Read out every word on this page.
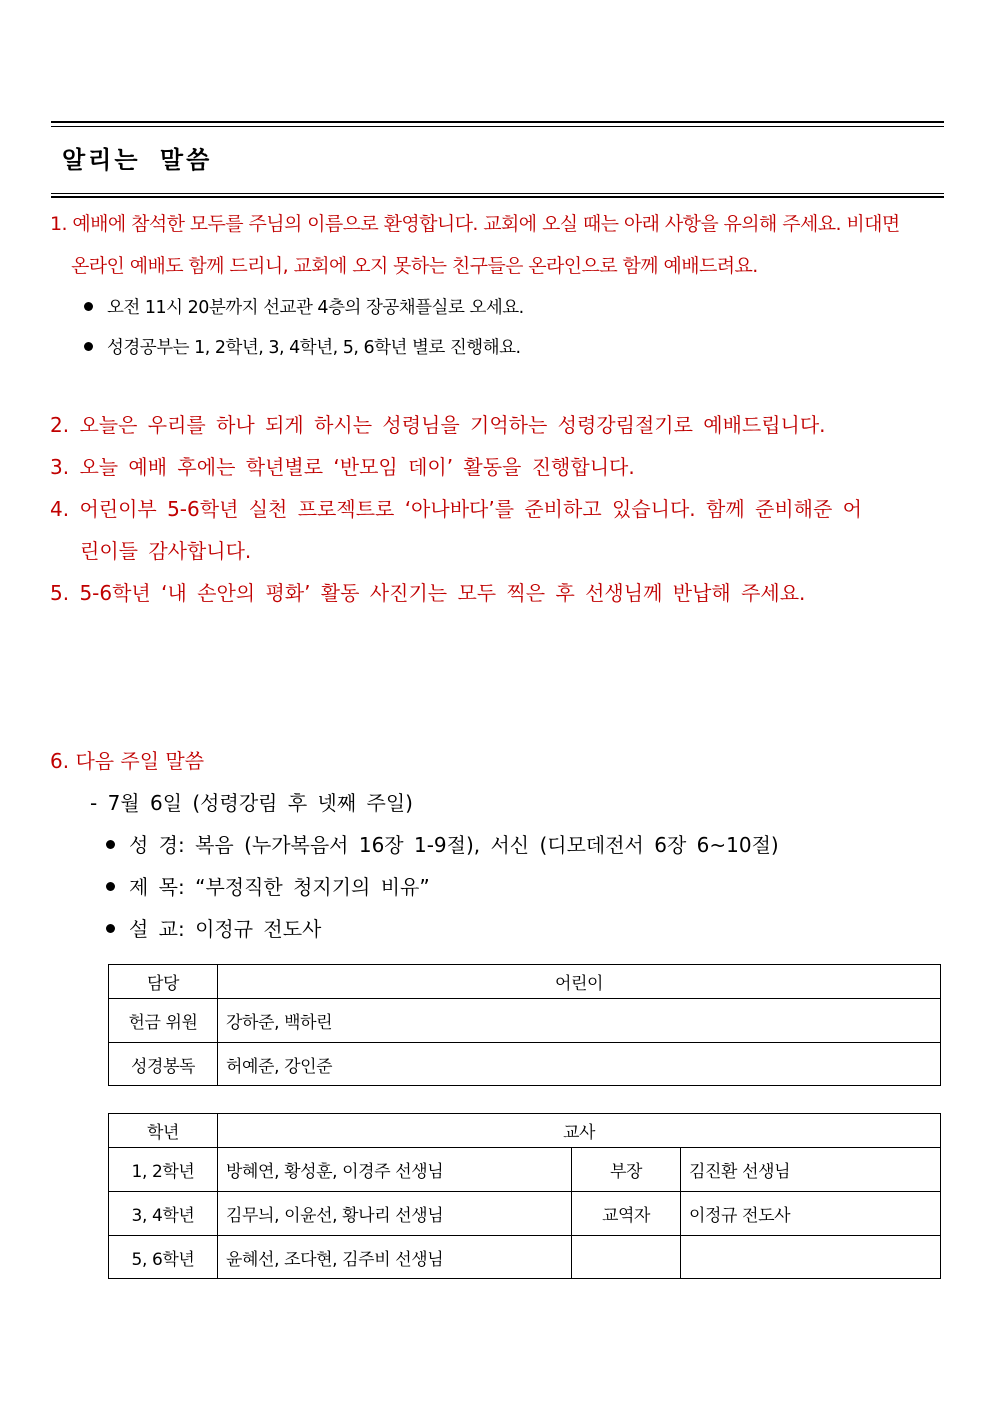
알리는 말씀
1. 예배에 참석한 모두를 주님의 이름으로 환영합니다. 교회에 오실 때는 아래 사항을 유의해 주세요. 비대면
온라인 예배도 함께 드리니, 교회에 오지 못하는 친구들은 온라인으로 함께 예배드려요.
오전 11시 20분까지 선교관 4층의 장공채플실로 오세요.
성경공부는 1, 2학년, 3, 4학년, 5, 6학년 별로 진행해요.
2. 오늘은 우리를 하나 되게 하시는 성령님을 기억하는 성령강림절기로 예배드립니다.
3. 오늘 예배 후에는 학년별로 ‘반모임 데이’ 활동을 진행합니다.
4. 어린이부 5-6학년 실천 프로젝트로 ‘아나바다’를 준비하고 있습니다. 함께 준비해준 어
린이들 감사합니다.
5. 5-6학년 ‘내 손안의 평화’ 활동 사진기는 모두 찍은 후 선생님께 반납해 주세요.
6. 다음 주일 말씀
- 7월 6일 (성령강림 후 넷째 주일)
성 경: 복음 (누가복음서 16장 1-9절), 서신 (디모데전서 6장 6~10절)
제 목: “부정직한 청지기의 비유”
설 교: 이정규 전도사
담당	어린이
헌금 위원	강하준, 백하린
성경봉독	허예준, 강인준
학년	교사		
1, 2학년	방혜연, 황성훈, 이경주 선생님	부장	김진환 선생님
3, 4학년	김무늬, 이윤선, 황나리 선생님	교역자	이정규 전도사
5, 6학년	윤혜선, 조다현, 김주비 선생님		
